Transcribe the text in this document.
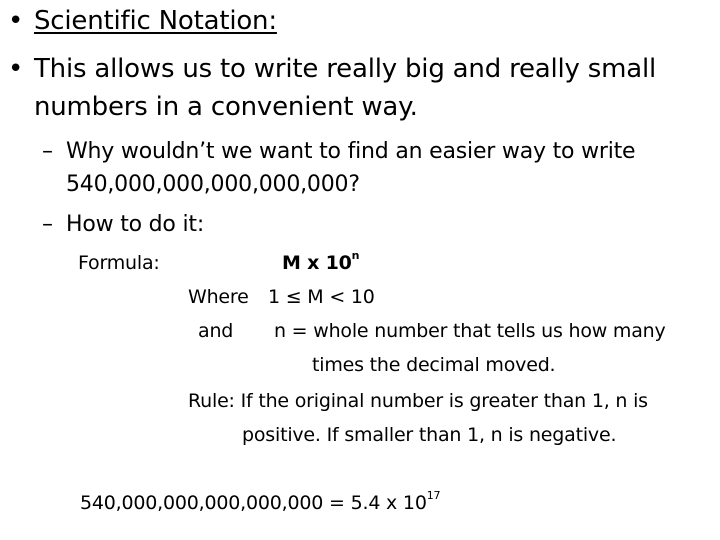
• Scientific Notation:
• This allows us to write really big and really small
numbers in a convenient way.
– Why wouldn’t we want to find an easier way to write
540,000,000,000,000,000?
– How to do it:
Formula:	M x 10$^n$
Where 1 ≤ M < 10
and n = whole number that tells us how many
times the decimal moved.
Rule: If the original number is greater than 1, n is
positive. If smaller than 1, n is negative.
540,000,000,000,000,000 = 5.4 x $10^{17}$
